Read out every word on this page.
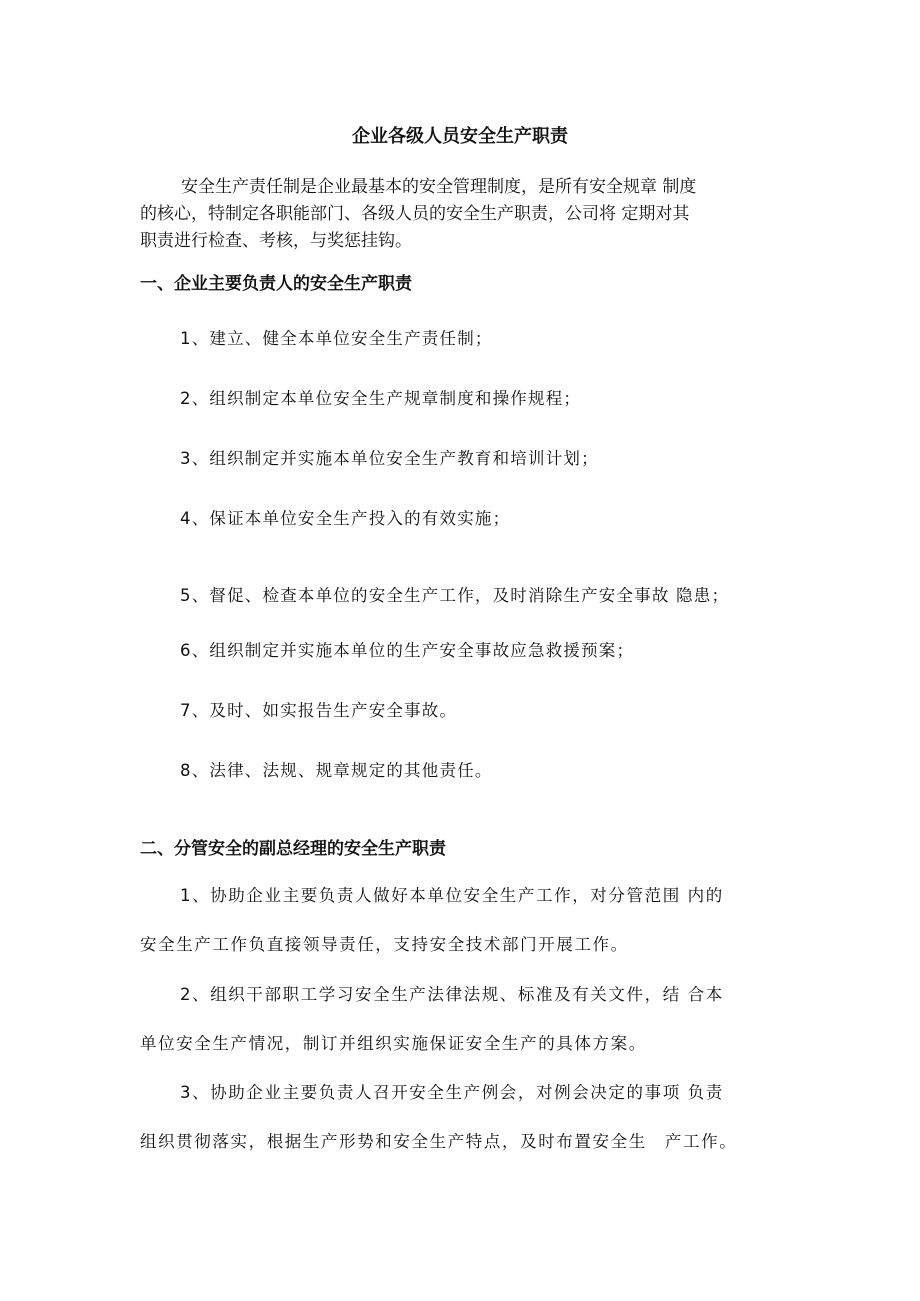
企业各级人员安全生产职责
安全生产责任制是企业最基本的安全管理制度，是所有安全规章 制度
的核心，特制定各职能部门、各级人员的安全生产职责，公司将 定期对其
职责进行检查、考核，与奖惩挂钩。
一、企业主要负责人的安全生产职责
1、建立、健全本单位安全生产责任制；
2、组织制定本单位安全生产规章制度和操作规程；
3、组织制定并实施本单位安全生产教育和培训计划；
4、保证本单位安全生产投入的有效实施；
5、督促、检查本单位的安全生产工作，及时消除生产安全事故 隐患；
6、组织制定并实施本单位的生产安全事故应急救援预案；
7、及时、如实报告生产安全事故。
8、法律、法规、规章规定的其他责任。
二、分管安全的副总经理的安全生产职责
1、协助企业主要负责人做好本单位安全生产工作，对分管范围 内的
安全生产工作负直接领导责任，支持安全技术部门开展工作。
2、组织干部职工学习安全生产法律法规、标准及有关文件，结 合本
单位安全生产情况，制订并组织实施保证安全生产的具体方案。
3、协助企业主要负责人召开安全生产例会，对例会决定的事项 负责
组织贯彻落实，根据生产形势和安全生产特点，及时布置安全生　产工作。
